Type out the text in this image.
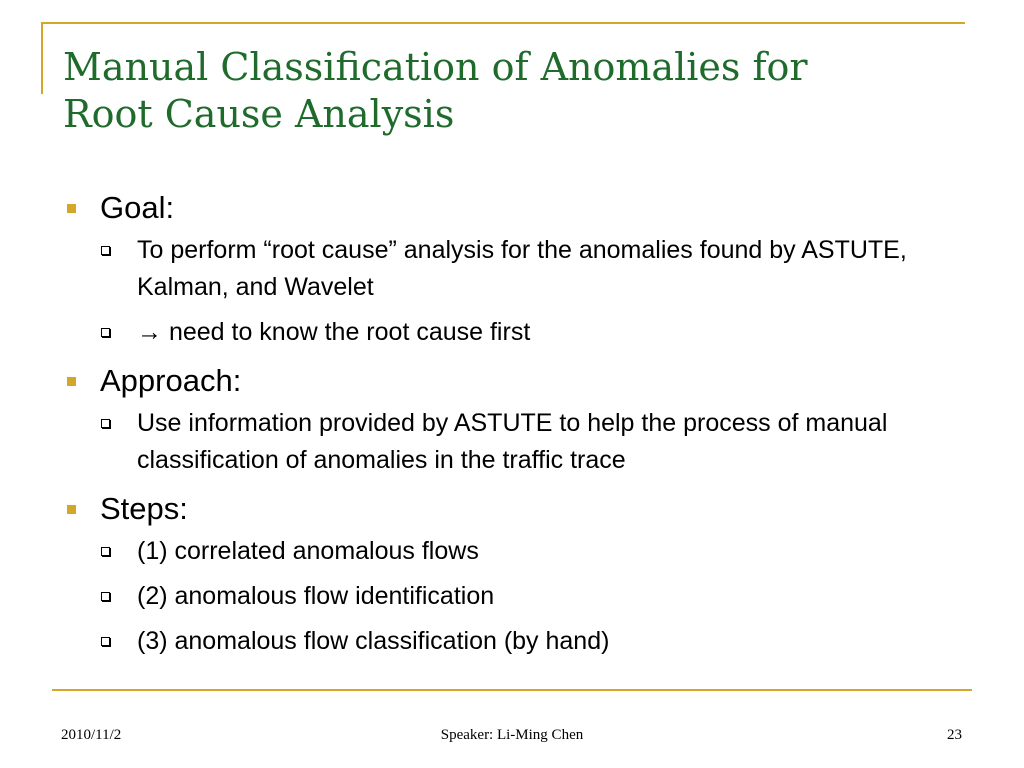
Manual Classification of Anomalies for
Root Cause Analysis
Goal:
To perform “root cause” analysis for the anomalies found by ASTUTE, Kalman, and Wavelet
→ need to know the root cause first
Approach:
Use information provided by ASTUTE to help the process of manual classification of anomalies in the traffic trace
Steps:
(1) correlated anomalous flows
(2) anomalous flow identification
(3) anomalous flow classification (by hand)
2010/11/2	Speaker: Li-Ming Chen	23
